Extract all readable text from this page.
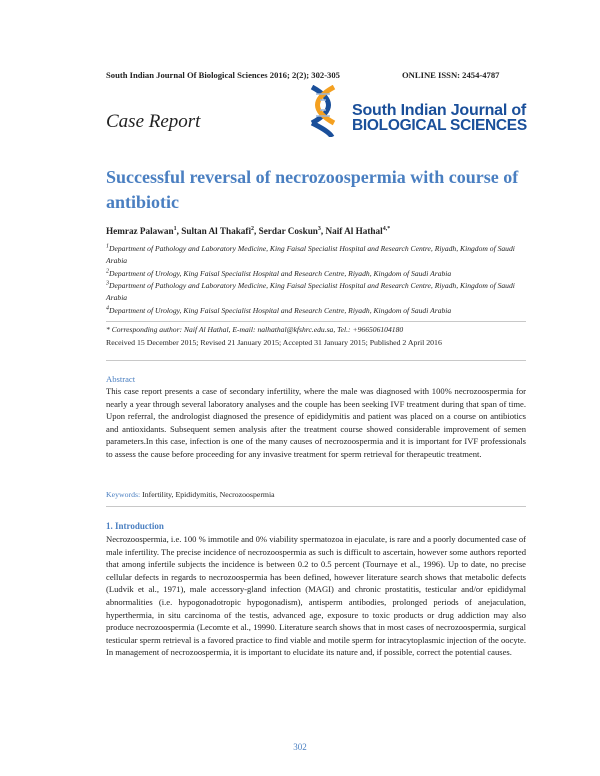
South Indian Journal Of Biological Sciences 2016; 2(2); 302-305	ONLINE ISSN: 2454-4787
Case Report
South Indian Journal of
BIOLOGICAL SCIENCES
Successful reversal of necrozoospermia with course of antibiotic
Hemraz Palawan$^1$, Sultan Al Thakafi$^2$, Serdar Coskun$^3$, Naif Al Hathal$^{4,*}$
$^1$Department of Pathology and Laboratory Medicine, King Faisal Specialist Hospital and Research Centre, Riyadh, Kingdom of Saudi Arabia
$^2$Department of Urology, King Faisal Specialist Hospital and Research Centre, Riyadh, Kingdom of Saudi Arabia
$^3$Department of Pathology and Laboratory Medicine, King Faisal Specialist Hospital and Research Centre, Riyadh, Kingdom of Saudi Arabia
$^4$Department of Urology, King Faisal Specialist Hospital and Research Centre, Riyadh, Kingdom of Saudi Arabia
* Corresponding author: Naif Al Hathal, E-mail: nalhathal@kfshrc.edu.sa, Tel.: +966506104180
Received 15 December 2015; Revised 21 January 2015; Accepted 31 January 2015; Published 2 April 2016
Abstract
This case report presents a case of secondary infertility, where the male was diagnosed with 100% necrozoospermia for nearly a year through several laboratory analyses and the couple has been seeking IVF treatment during that span of time. Upon referral, the andrologist diagnosed the presence of epididymitis and patient was placed on a course on antibiotics and antioxidants. Subsequent semen analysis after the treatment course showed considerable improvement of semen parameters.In this case, infection is one of the many causes of necrozoospermia and it is important for IVF professionals to assess the cause before proceeding for any invasive treatment for sperm retrieval for therapeutic treatment.
Keywords: Infertility, Epididymitis, Necrozoospermia
1. Introduction
Necrozoospermia, i.e. 100 % immotile and 0% viability spermatozoa in ejaculate, is rare and a poorly documented case of male infertility. The precise incidence of necrozoospermia as such is difficult to ascertain, however some authors reported that among infertile subjects the incidence is between 0.2 to 0.5 percent (Tournaye et al., 1996). Up to date, no precise cellular defects in regards to necrozoospermia has been defined, however literature search shows that metabolic defects (Ludvik et al., 1971), male accessory-gland infection (MAGI) and chronic prostatitis, testicular and/or epididymal abnormalities (i.e. hypogonadotropic hypogonadism), antisperm antibodies, prolonged periods of anejaculation, hyperthermia, in situ carcinoma of the testis, advanced age, exposure to toxic products or drug addiction may also produce necrozoospermia (Lecomte et al., 19990. Literature search shows that in most cases of necrozoospermia, surgical testicular sperm retrieval is a favored practice to find viable and motile sperm for intracytoplasmic injection of the oocyte. In management of necrozoospermia, it is important to elucidate its nature and, if possible, correct the potential causes.
302
